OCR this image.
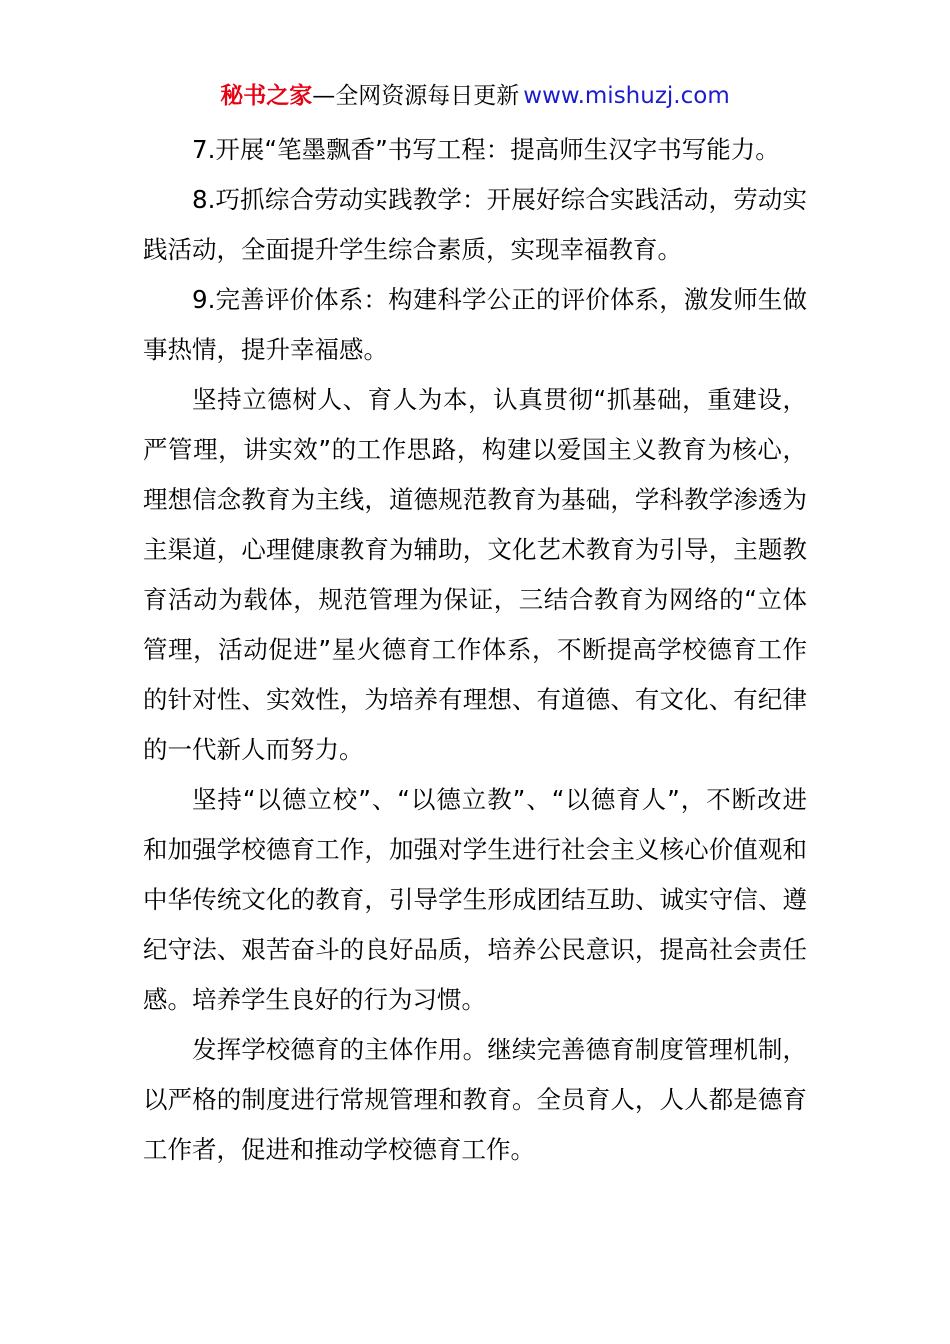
秘书之家—全网资源每日更新 www.mishuzj.com

7.开展“笔墨飘香”书写工程：提高师生汉字书写能力。

8.巧抓综合劳动实践教学：开展好综合实践活动，劳动实践活动，全面提升学生综合素质，实现幸福教育。

9.完善评价体系：构建科学公正的评价体系，激发师生做事热情，提升幸福感。

坚持立德树人、育人为本，认真贯彻“抓基础，重建设，严管理，讲实效”的工作思路，构建以爱国主义教育为核心，理想信念教育为主线，道德规范教育为基础，学科教学渗透为主渠道，心理健康教育为辅助，文化艺术教育为引导，主题教育活动为载体，规范管理为保证，三结合教育为网络的“立体管理，活动促进”星火德育工作体系，不断提高学校德育工作的针对性、实效性，为培养有理想、有道德、有文化、有纪律的一代新人而努力。

坚持“以德立校”、“以德立教”、“以德育人”，不断改进和加强学校德育工作，加强对学生进行社会主义核心价值观和中华传统文化的教育，引导学生形成团结互助、诚实守信、遵纪守法、艰苦奋斗的良好品质，培养公民意识，提高社会责任感。培养学生良好的行为习惯。

发挥学校德育的主体作用。继续完善德育制度管理机制，以严格的制度进行常规管理和教育。全员育人，人人都是德育工作者，促进和推动学校德育工作。
